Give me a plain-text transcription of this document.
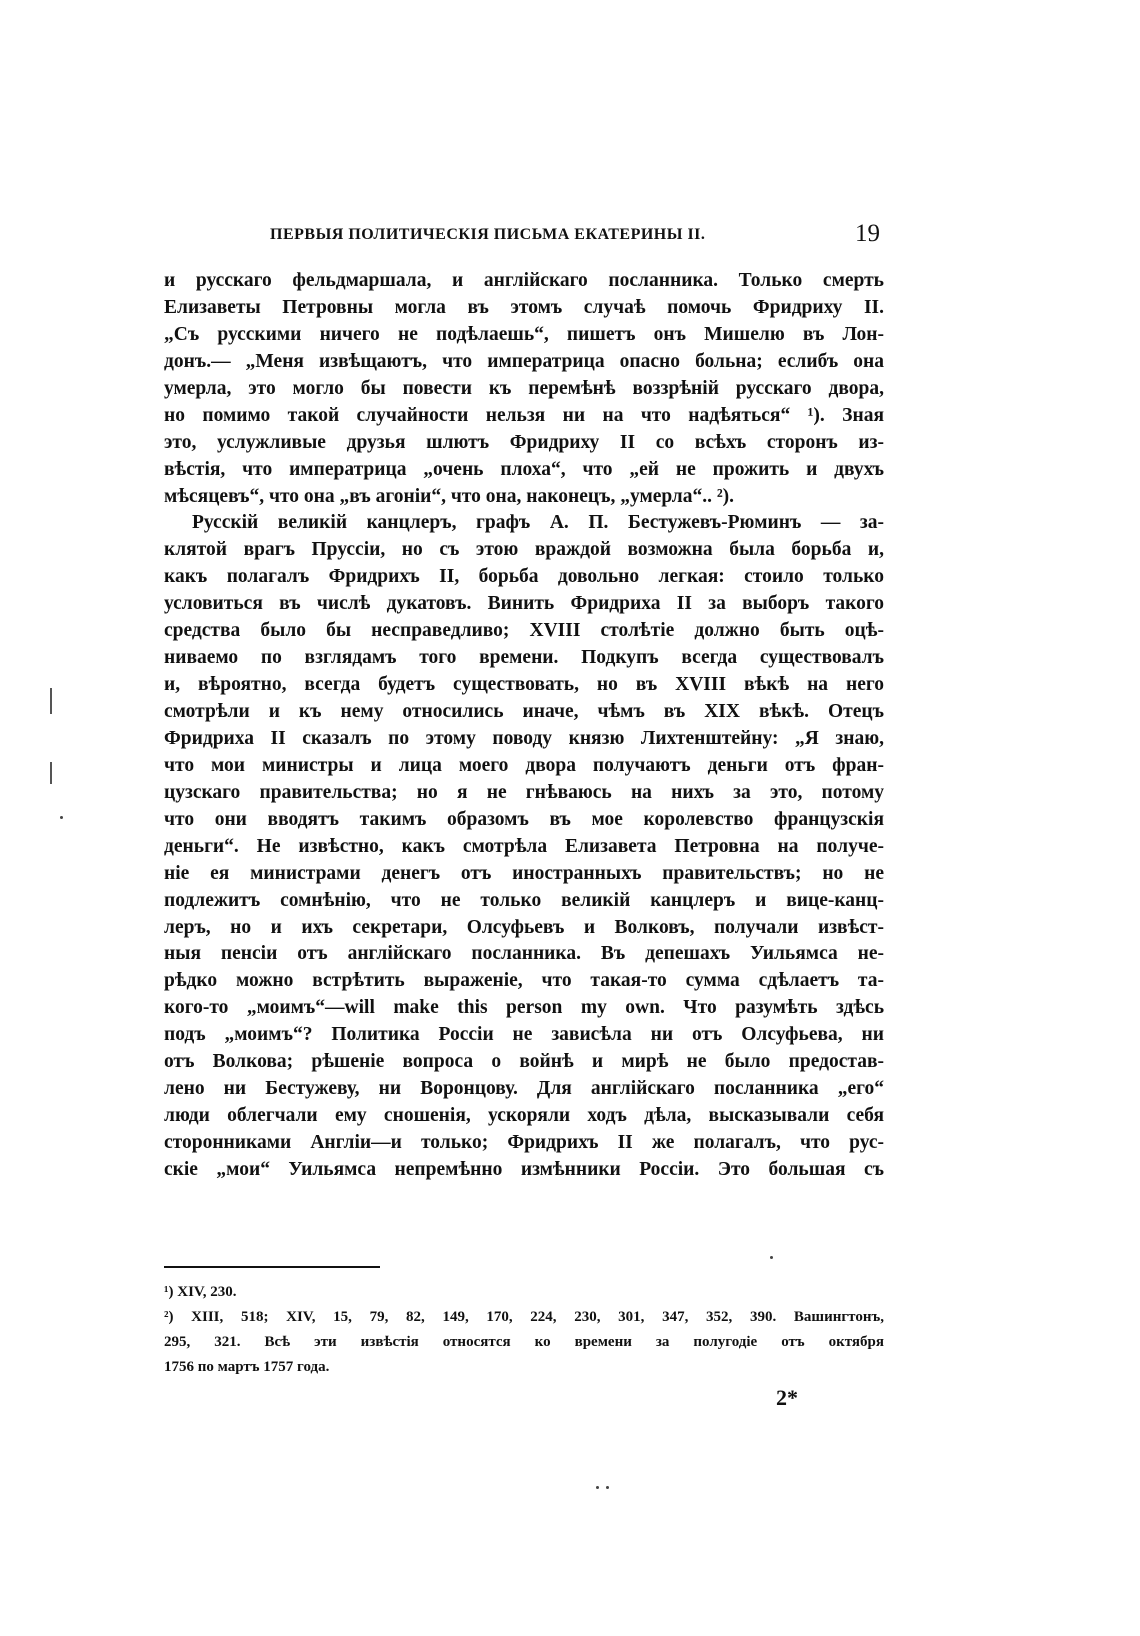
ПЕРВЫЯ ПОЛИТИЧЕСКІЯ ПИСЬМА ЕКАТЕРИНЫ II.	19
и русскаго фельдмаршала, и англійскаго посланника. Только смерть
Елизаветы Петровны могла въ этомъ случаѣ помочь Фридриху II.
„Съ русскими ничего не подѣлаешь“, пишетъ онъ Мишелю въ Лон-
донъ.— „Меня извѣщаютъ, что императрица опасно больна; еслибъ она
умерла, это могло бы повести къ перемѣнѣ воззрѣній русскаго двора,
но помимо такой случайности нельзя ни на что надѣяться“ ¹). Зная
это, услужливые друзья шлютъ Фридриху II со всѣхъ сторонъ из-
вѣстія, что императрица „очень плоха“, что „ей не прожить и двухъ
мѣсяцевъ“, что она „въ агоніи“, что она, наконецъ, „умерла“.. ²).
Русскій великій канцлеръ, графъ А. П. Бестужевъ-Рюминъ — за-
клятой врагъ Пруссіи, но съ этою враждой возможна была борьба и,
какъ полагалъ Фридрихъ II, борьба довольно легкая: стоило только
условиться въ числѣ дукатовъ. Винить Фридриха II за выборъ такого
средства было бы несправедливо; XVIII столѣтіе должно быть оцѣ-
ниваемо по взглядамъ того времени. Подкупъ всегда существовалъ
и, вѣроятно, всегда будетъ существовать, но въ XVIII вѣкѣ на него
смотрѣли и къ нему относились иначе, чѣмъ въ XIX вѣкѣ. Отецъ
Фридриха II сказалъ по этому поводу князю Лихтенштейну: „Я знаю,
что мои министры и лица моего двора получаютъ деньги отъ фран-
цузскаго правительства; но я не гнѣваюсь на нихъ за это, потому
что они вводятъ такимъ образомъ въ мое королевство французскія
деньги“. Не извѣстно, какъ смотрѣла Елизавета Петровна на получе-
ніе ея министрами денегъ отъ иностранныхъ правительствъ; но не
подлежитъ сомнѣнію, что не только великій канцлеръ и вице-канц-
леръ, но и ихъ секретари, Олсуфьевъ и Волковъ, получали извѣст-
ныя пенсіи отъ англійскаго посланника. Въ депешахъ Уильямса не-
рѣдко можно встрѣтить выраженіе, что такая-то сумма сдѣлаетъ та-
кого-то „моимъ“—will make this person my own. Что разумѣть здѣсь
подъ „моимъ“? Политика Россіи не зависѣла ни отъ Олсуфьева, ни
отъ Волкова; рѣшеніе вопроса о войнѣ и мирѣ не было предостав-
лено ни Бестужеву, ни Воронцову. Для англійскаго посланника „его“
люди облегчали ему сношенія, ускоряли ходъ дѣла, высказывали себя
сторонниками Англіи—и только; Фридрихъ II же полагалъ, что рус-
скіе „мои“ Уильямса непремѣнно измѣнники Россіи. Это большая съ
¹) XIV, 230.
²) XIII, 518; XIV, 15, 79, 82, 149, 170, 224, 230, 301, 347, 352, 390. Вашингтонъ,
295, 321. Всѣ эти извѣстія относятся ко времени за полугодіе отъ октября
1756 по мартъ 1757 года.
2*
